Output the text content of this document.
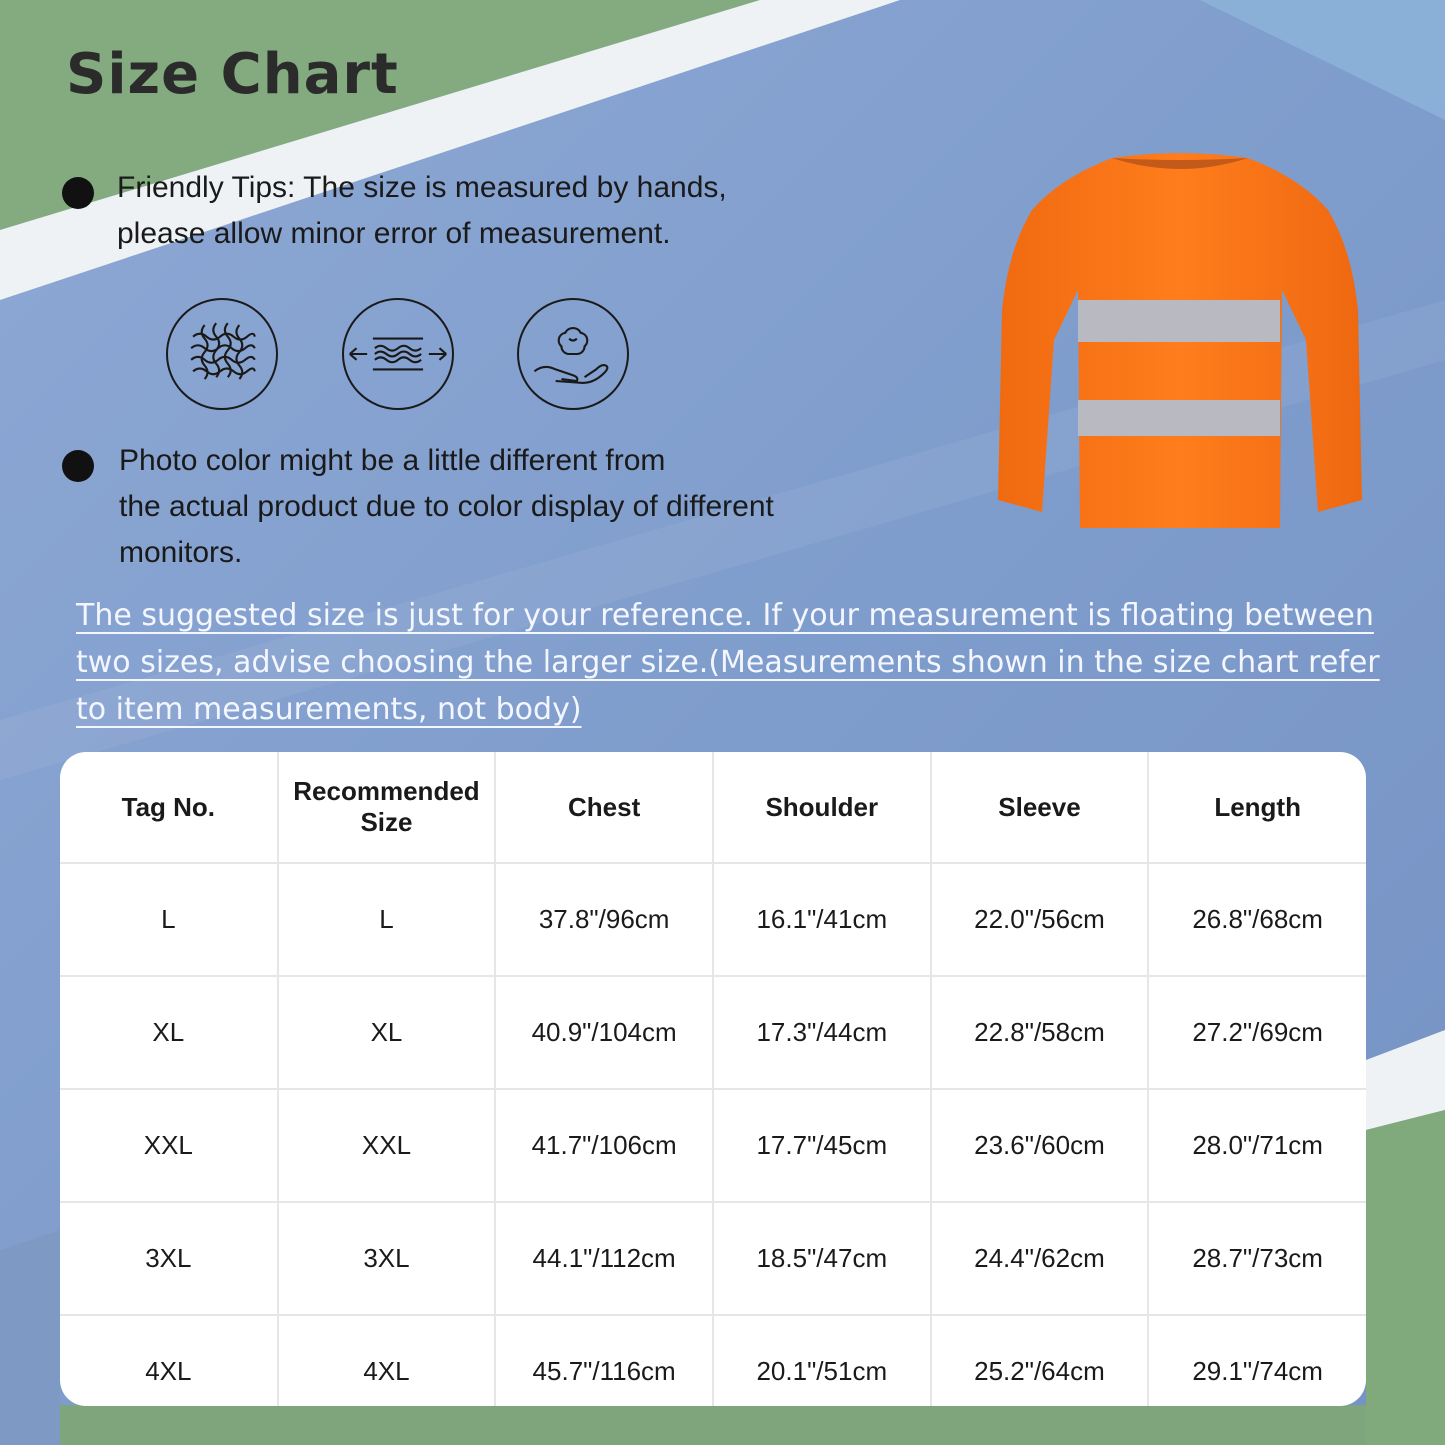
Size Chart
Friendly Tips: The size is measured by hands,
please allow minor error of measurement.
Photo color might be a little different from
the actual product due to color display of different
monitors.
The suggested size is just for your reference. If your measurement is floating between
two sizes, advise choosing the larger size.(Measurements shown in the size chart refer
to item measurements, not body)
Tag No.	Recommended Size	Chest	Shoulder	Sleeve	Length
L	L	37.8"/96cm	16.1"/41cm	22.0"/56cm	26.8"/68cm
XL	XL	40.9"/104cm	17.3"/44cm	22.8"/58cm	27.2"/69cm
XXL	XXL	41.7"/106cm	17.7"/45cm	23.6"/60cm	28.0"/71cm
3XL	3XL	44.1"/112cm	18.5"/47cm	24.4"/62cm	28.7"/73cm
4XL	4XL	45.7"/116cm	20.1"/51cm	25.2"/64cm	29.1"/74cm
